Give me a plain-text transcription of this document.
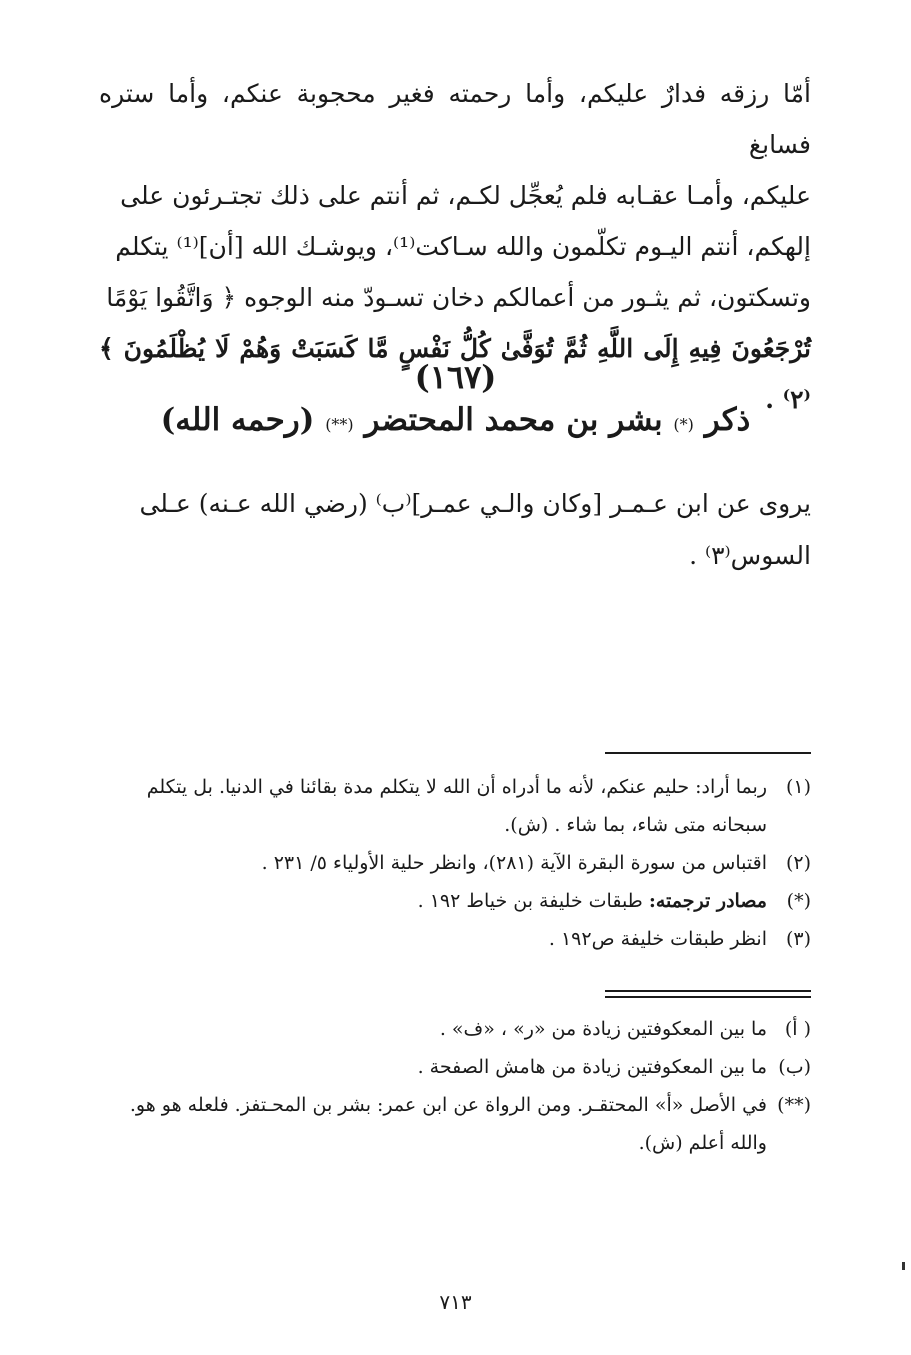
أمّا رزقه فدارٌ عليكم، وأما رحمته فغير محجوبة عنكم، وأما ستره فسابغ

عليكم، وأمـا عقـابه فلم يُعجِّل لكـم، ثم أنتم على ذلك تجتـرئون على

إلهكم، أنتم اليـوم تكلّمون والله سـاكت⁽¹⁾، ويوشـك الله [أن]⁽¹⁾ يتكلم

وتسكتون، ثم يثـور من أعمالكم دخان تسـودّ منه الوجوه ﴿ وَاتَّقُوا يَوْمًا

تُرْجَعُونَ فِيهِ إِلَى اللَّهِ ثُمَّ تُوَفَّىٰ كُلُّ نَفْسٍ مَّا كَسَبَتْ وَهُمْ لَا يُظْلَمُونَ ﴾⁽٢⁾ .

(١٦٧)
ذكر (*) بشر بن محمد المحتضر (**) (رحمه الله)

يروى عن ابن عـمـر [وكان والـي عمـر]⁽ب⁾ (رضي الله عـنه) عـلى

السوس⁽٣⁾ .

(١)ربما أراد: حليم عنكم، لأنه ما أدراه أن الله لا يتكلم مدة بقائنا في الدنيا. بل يتكلم سبحانه متى شاء، بما شاء . (ش).

(٢)اقتباس من سورة البقرة الآية (٢٨١)، وانظر حلية الأولياء ٥/ ٢٣١ .

(*)مصادر ترجمته: طبقات خليفة بن خياط ١٩٢ .

(٣)انظر طبقات خليفة ص١٩٢ .

( أ)ما بين المعكوفتين زيادة من «ر» ، «ف» .

(ب)ما بين المعكوفتين زيادة من هامش الصفحة .

(**)في الأصل «أ» المحتقـر. ومن الرواة عن ابن عمر: بشر بن المحـتفز. فلعله هو هو. والله أعلم (ش).

٧١٣
